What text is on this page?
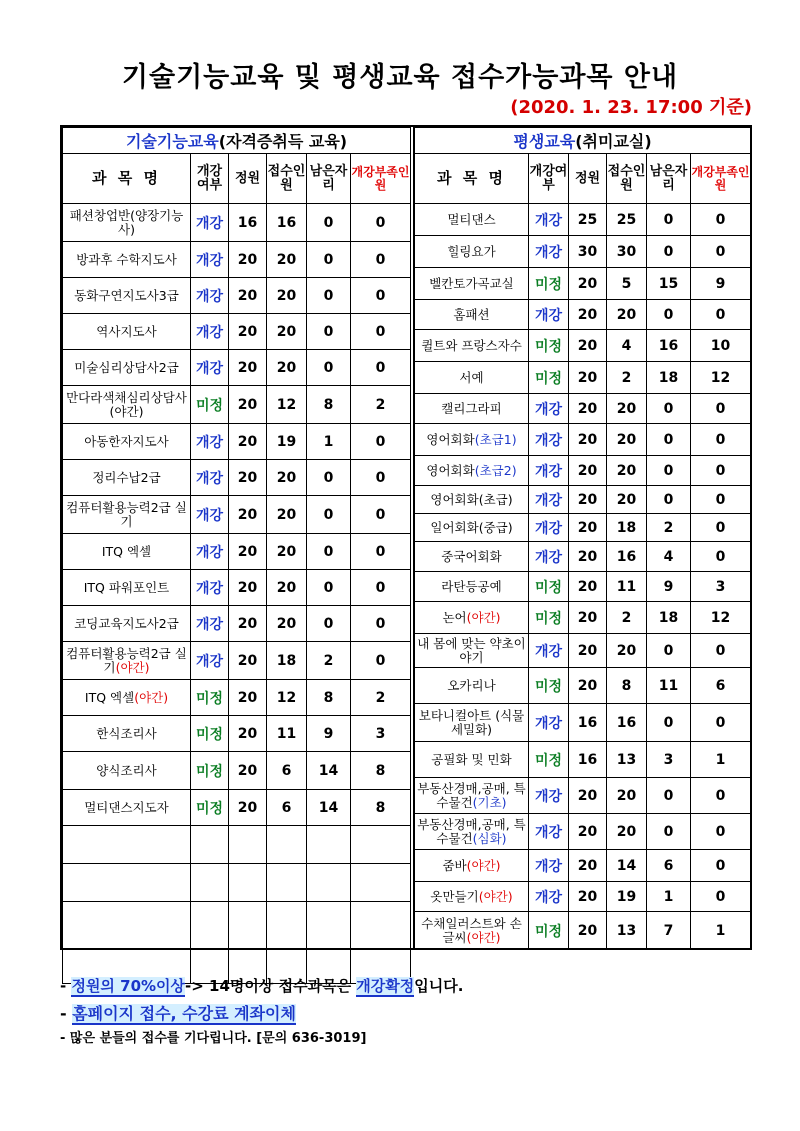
기술기능교육 및 평생교육 접수가능과목 안내
(2020. 1. 23. 17:00 기준)
기술기능교육(자격증취득 교육)					
과 목 명	개강여부	정원	접수인원	남은자리	개강부족인원
패션창업반(양장기능사)	개강	16	16	0	0
방과후 수학지도사	개강	20	20	0	0
동화구연지도사3급	개강	20	20	0	0
역사지도사	개강	20	20	0	0
미술심리상담사2급	개강	20	20	0	0
만다라색채심리상담사(야간)	미정	20	12	8	2
아동한자지도사	개강	20	19	1	0
정리수납2급	개강	20	20	0	0
컴퓨터활용능력2급 실기	개강	20	20	0	0
ITQ 엑셀	개강	20	20	0	0
ITQ 파워포인트	개강	20	20	0	0
코딩교육지도사2급	개강	20	20	0	0
컴퓨터활용능력2급 실기(야간)	개강	20	18	2	0
ITQ 엑셀(야간)	미정	20	12	8	2
한식조리사	미정	20	11	9	3
양식조리사	미정	20	6	14	8
멀티댄스지도자	미정	20	6	14	8

평생교육(취미교실)					
과 목 명	개강여부	정원	접수인원	남은자리	개강부족인원
멀티댄스	개강	25	25	0	0
힐링요가	개강	30	30	0	0
벨칸토가곡교실	미정	20	5	15	9
홈패션	개강	20	20	0	0
퀼트와 프랑스자수	미정	20	4	16	10
서예	미정	20	2	18	12
캘리그라피	개강	20	20	0	0
영어회화(초급1)	개강	20	20	0	0
영어회화(초급2)	개강	20	20	0	0
영어회화(초급)	개강	20	20	0	0
일어회화(중급)	개강	20	18	2	0
중국어회화	개강	20	16	4	0
라탄등공예	미정	20	11	9	3
논어(야간)	미정	20	2	18	12
내 몸에 맞는 약초이야기	개강	20	20	0	0
오카리나	미정	20	8	11	6
보타니컬아트 (식물세밀화)	개강	16	16	0	0
공필화 및 민화	미정	16	13	3	1
부동산경매,공매, 특수물건(기초)	개강	20	20	0	0
부동산경매,공매, 특수물건(심화)	개강	20	20	0	0
줌바(야간)	개강	20	14	6	0
옷만들기(야간)	개강	20	19	1	0
수채일러스트와 손글씨(야간)	미정	20	13	7	1
- 정원의 70%이상-> 14명이상 접수과목은 개강확정입니다.
- 홈페이지 접수, 수강료 계좌이체
- 많은 분들의 접수를 기다립니다. [문의 636-3019]
